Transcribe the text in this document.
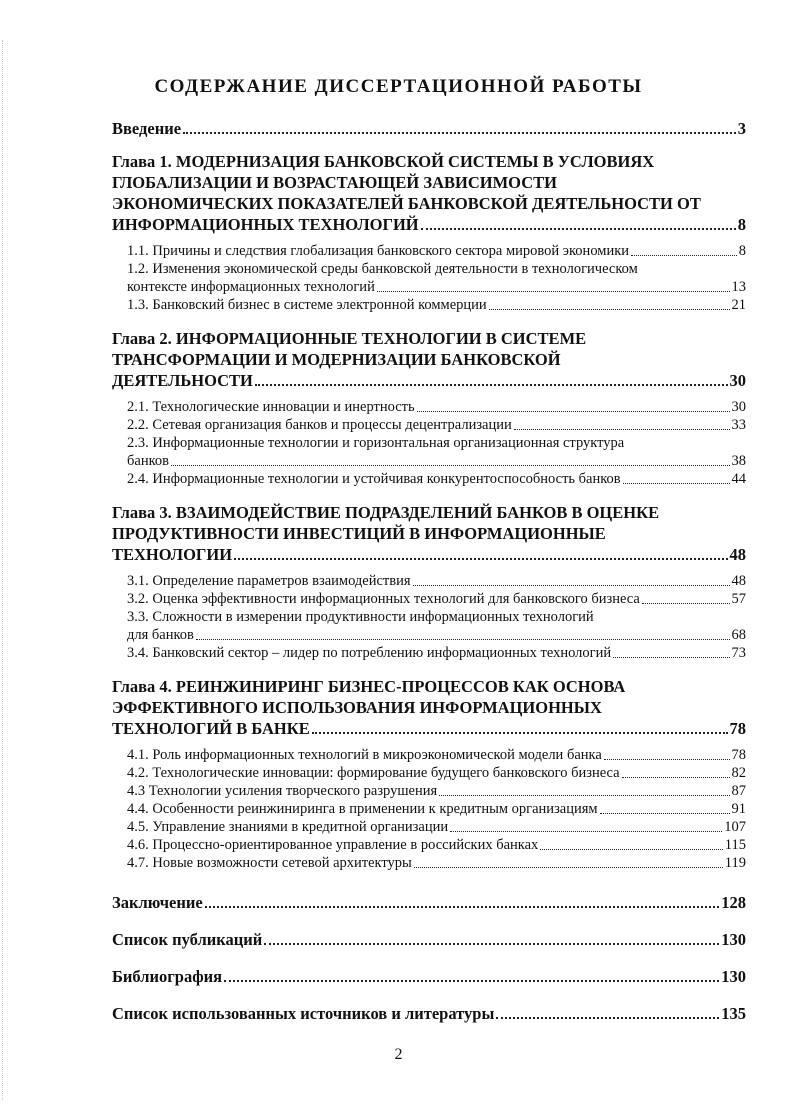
СОДЕРЖАНИЕ ДИССЕРТАЦИОННОЙ РАБОТЫ
Введение	3
Глава 1. МОДЕРНИЗАЦИЯ БАНКОВСКОЙ СИСТЕМЫ В УСЛОВИЯХ
ГЛОБАЛИЗАЦИИ И ВОЗРАСТАЮЩЕЙ ЗАВИСИМОСТИ
ЭКОНОМИЧЕСКИХ ПОКАЗАТЕЛЕЙ БАНКОВСКОЙ ДЕЯТЕЛЬНОСТИ ОТ
ИНФОРМАЦИОННЫХ ТЕХНОЛОГИЙ	8
1.1. Причины и следствия глобализация банковского сектора мировой экономики	8
1.2. Изменения экономической среды банковской деятельности в технологическом
контексте информационных технологий	13
1.3. Банковский бизнес в системе электронной коммерции	21
Глава 2. ИНФОРМАЦИОННЫЕ ТЕХНОЛОГИИ В СИСТЕМЕ
ТРАНСФОРМАЦИИ И МОДЕРНИЗАЦИИ БАНКОВСКОЙ
ДЕЯТЕЛЬНОСТИ	30
2.1. Технологические инновации и инертность	30
2.2. Сетевая организация банков и процессы децентрализации	33
2.3. Информационные технологии и горизонтальная организационная структура
банков	38
2.4. Информационные технологии и устойчивая конкурентоспособность банков	44
Глава 3. ВЗАИМОДЕЙСТВИЕ ПОДРАЗДЕЛЕНИЙ БАНКОВ В ОЦЕНКЕ
ПРОДУКТИВНОСТИ ИНВЕСТИЦИЙ В ИНФОРМАЦИОННЫЕ
ТЕХНОЛОГИИ	48
3.1. Определение параметров взаимодействия	48
3.2. Оценка эффективности информационных технологий для банковского бизнеса	57
3.3. Сложности в измерении продуктивности информационных технологий
для банков	68
3.4. Банковский сектор – лидер по потреблению информационных технологий	73
Глава 4. РЕИНЖИНИРИНГ БИЗНЕС-ПРОЦЕССОВ КАК ОСНОВА
ЭФФЕКТИВНОГО ИСПОЛЬЗОВАНИЯ ИНФОРМАЦИОННЫХ
ТЕХНОЛОГИЙ В БАНКЕ	78
4.1. Роль информационных технологий в микроэкономической модели банка	78
4.2. Технологические инновации: формирование будущего банковского бизнеса	82
4.3 Технологии усиления творческого разрушения	87
4.4. Особенности реинжиниринга в применении к кредитным организациям	91
4.5. Управление знаниями в кредитной организации	107
4.6. Процессно-ориентированное управление в российских банках	115
4.7. Новые возможности сетевой архитектуры	119
Заключение	128
Список публикаций	130
Библиография	130
Список использованных источников и литературы	135
2
